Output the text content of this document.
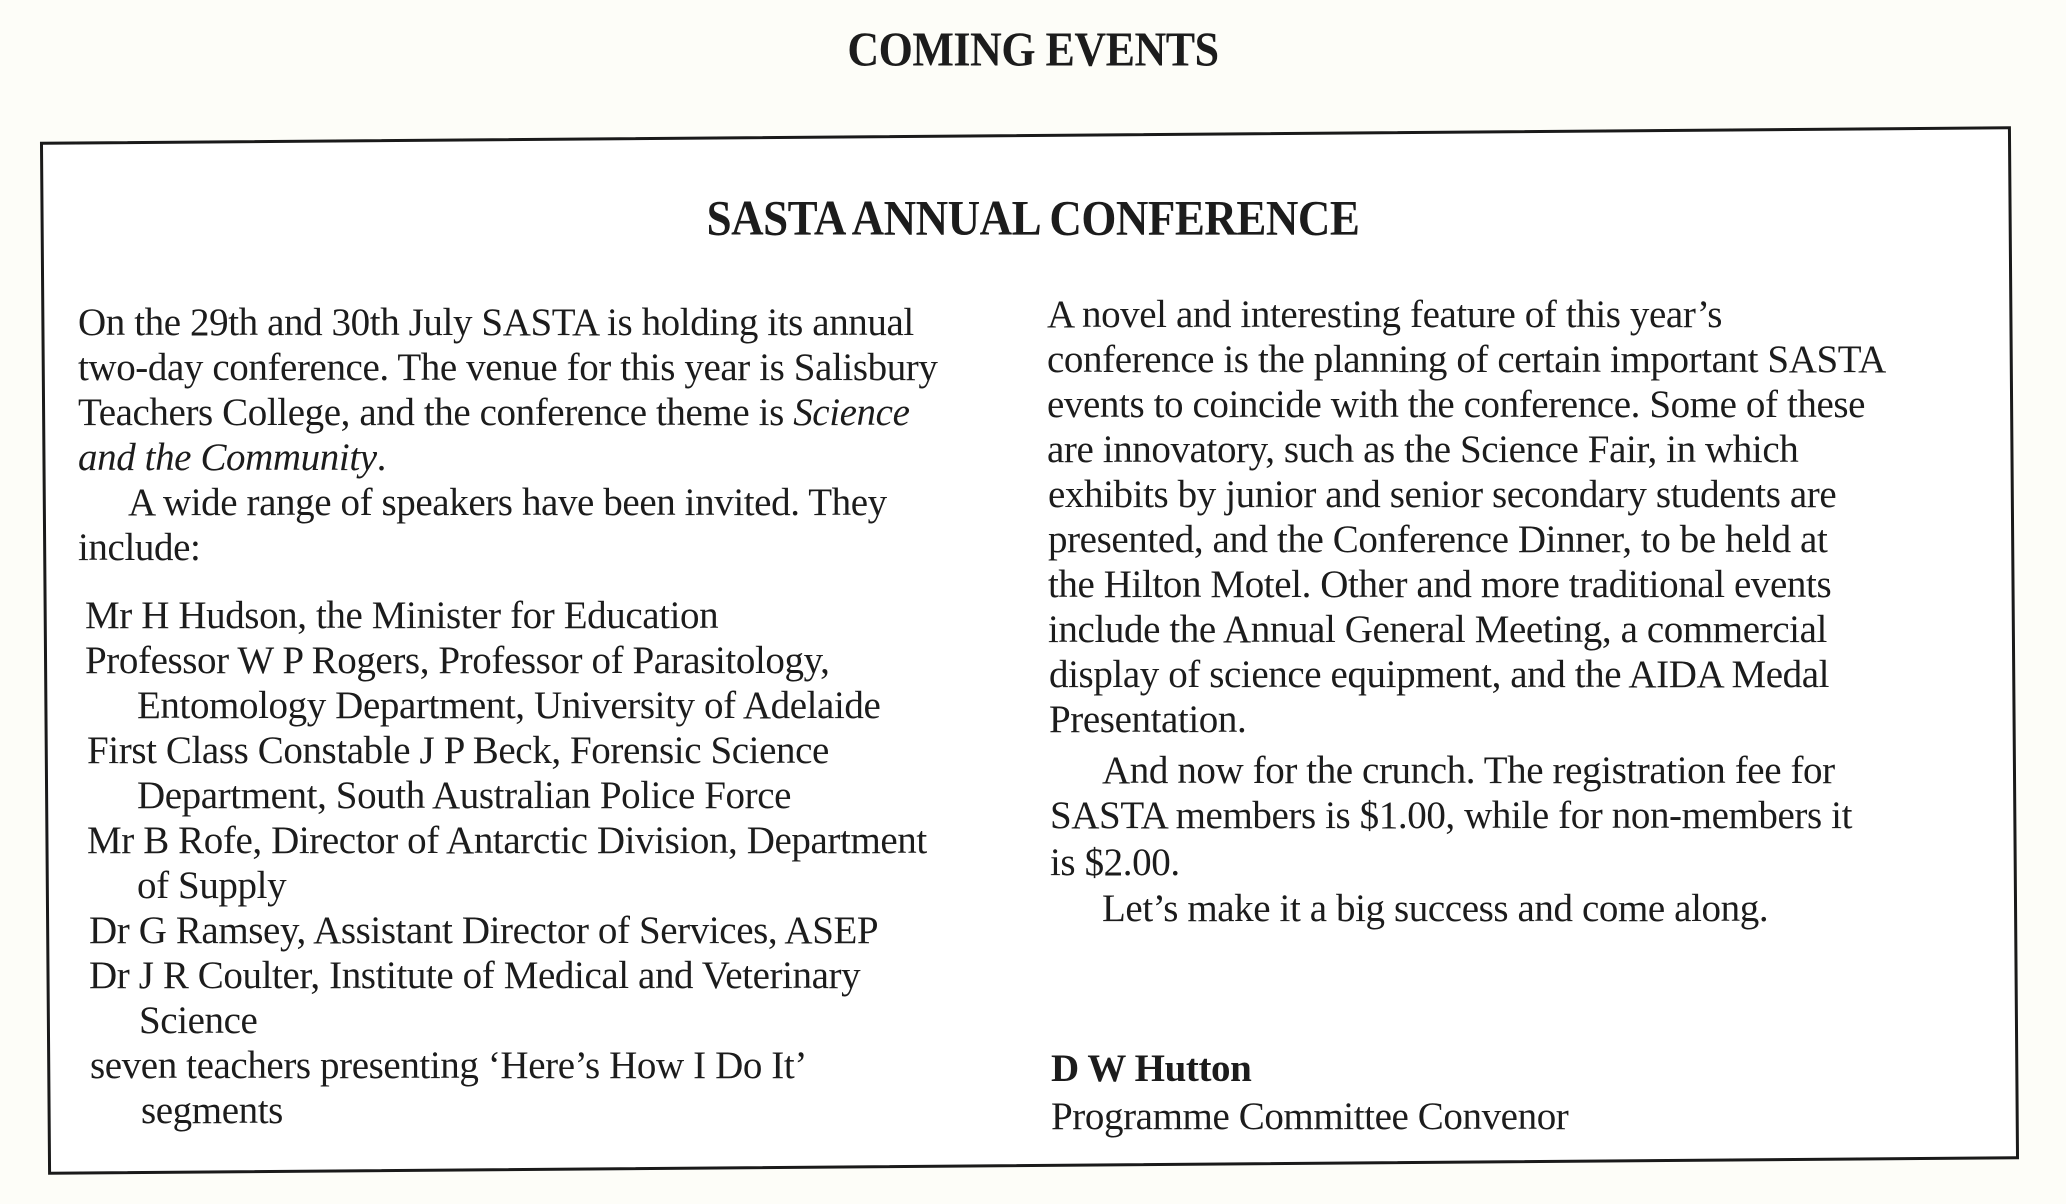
COMING EVENTS
SASTA ANNUAL CONFERENCE
On the 29th and 30th July SASTA is holding its annual
two-day conference. The venue for this year is Salisbury
Teachers College, and the conference theme is Science
and the Community.
A wide range of speakers have been invited. They
include:
Mr H Hudson, the Minister for Education
Professor W P Rogers, Professor of Parasitology,
Entomology Department, University of Adelaide
First Class Constable J P Beck, Forensic Science
Department, South Australian Police Force
Mr B Rofe, Director of Antarctic Division, Department
of Supply
Dr G Ramsey, Assistant Director of Services, ASEP
Dr J R Coulter, Institute of Medical and Veterinary
Science
seven teachers presenting ‘Here’s How I Do It’
segments
A novel and interesting feature of this year’s
conference is the planning of certain important SASTA
events to coincide with the conference. Some of these
are innovatory, such as the Science Fair, in which
exhibits by junior and senior secondary students are
presented, and the Conference Dinner, to be held at
the Hilton Motel. Other and more traditional events
include the Annual General Meeting, a commercial
display of science equipment, and the AIDA Medal
Presentation.
And now for the crunch. The registration fee for
SASTA members is $1.00, while for non-members it
is $2.00.
Let’s make it a big success and come along.
D W Hutton
Programme Committee Convenor
